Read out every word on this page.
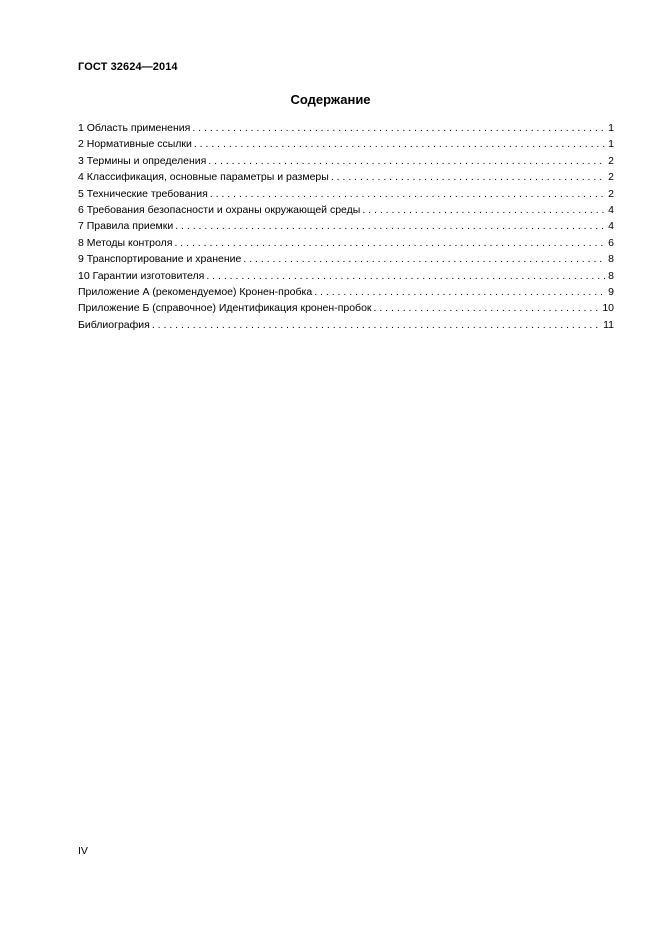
ГОСТ 32624—2014
Содержание
1 Область применения . . .	1
2 Нормативные ссылки . . .	1
3 Термины и определения . . .	2
4 Классификация, основные параметры и размеры . . .	2
5 Технические требования . . .	2
6 Требования безопасности и охраны окружающей среды . . .	4
7 Правила приемки . . .	4
8 Методы контроля . . .	6
9 Транспортирование и хранение . . .	8
10 Гарантии изготовителя . . .	8
Приложение А (рекомендуемое) Кронен-пробка . . .	9
Приложение Б (справочное) Идентификация кронен-пробок . . .	10
Библиография . . .	11
IV
